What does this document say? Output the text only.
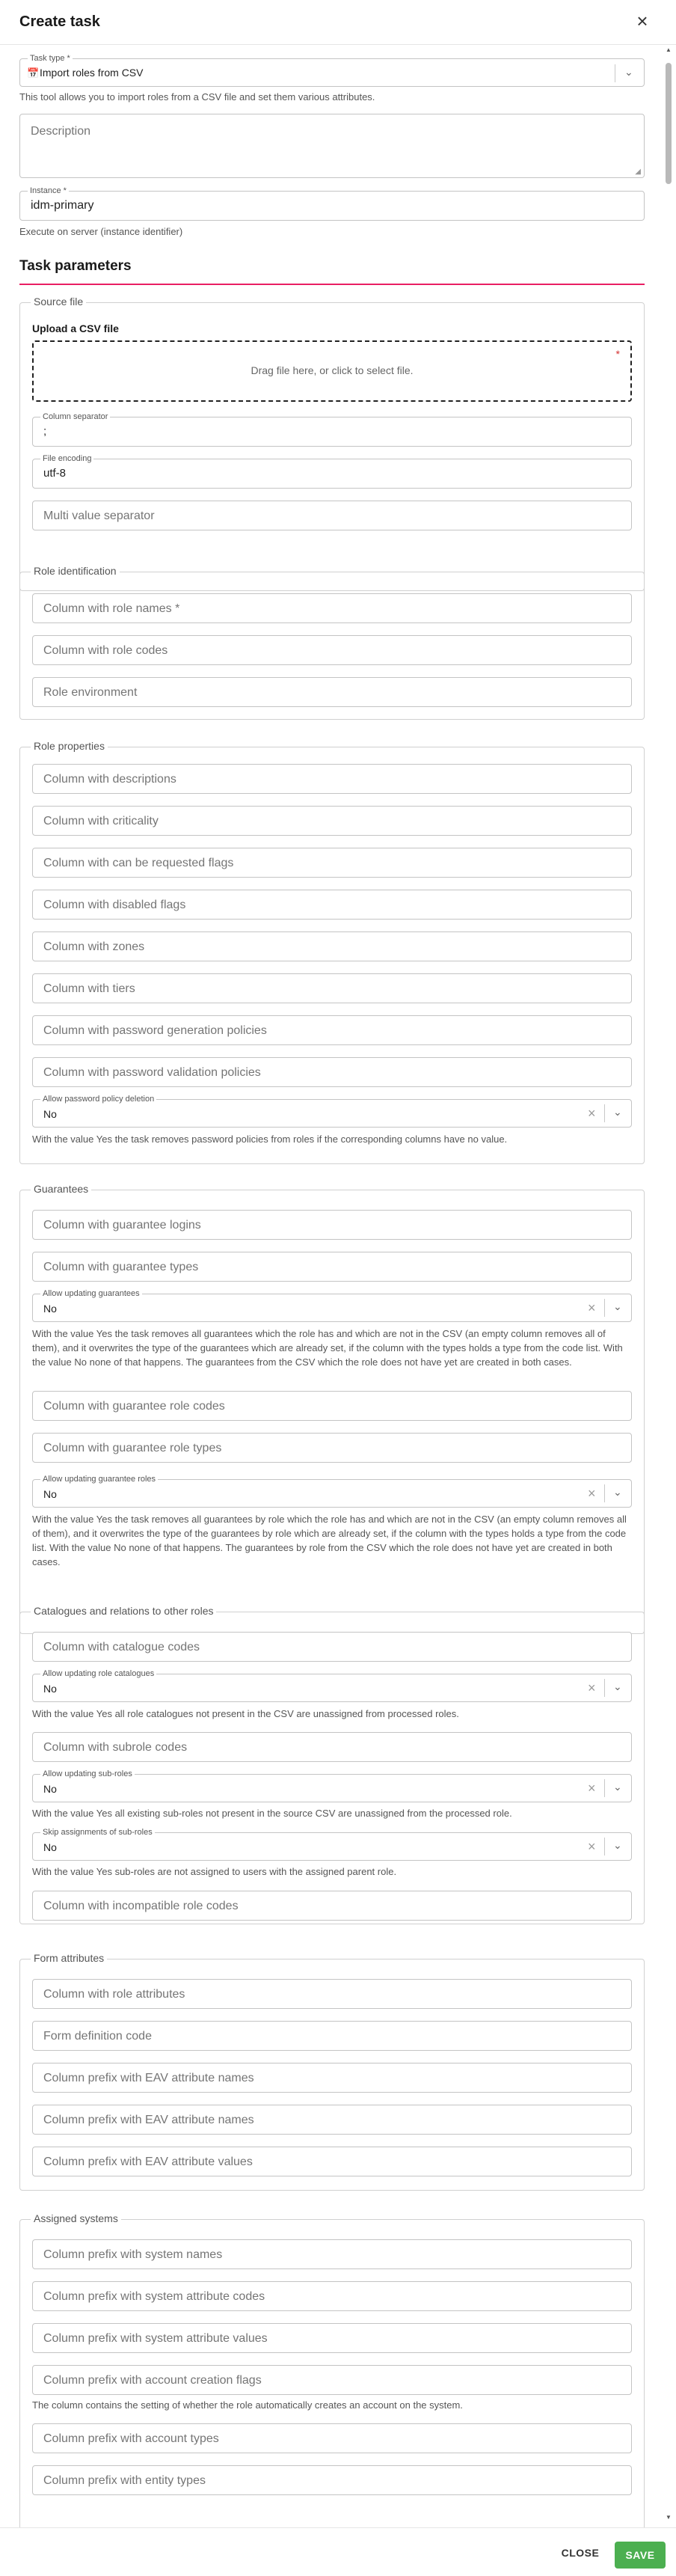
Create task	×
▲
▼
Task type *
📅 Import roles from CSV	⌄
This tool allows you to import roles from a CSV file and set them various attributes.
Description
◢
Instance *
idm-primary
Execute on server (instance identifier)
Task parameters
Source file
Upload a CSV file
*
Drag file here, or click to select file.
Column separator
;
File encoding
utf-8
Multi value separator
Role identification
Column with role names *
Column with role codes
Role environment
Role properties
Column with descriptions
Column with criticality
Column with can be requested flags
Column with disabled flags
Column with zones
Column with tiers
Column with password generation policies
Column with password validation policies
Allow password policy deletion
No	× ⌄
With the value Yes the task removes password policies from roles if the corresponding columns have no value.
Guarantees
Column with guarantee logins
Column with guarantee types
Allow updating guarantees
No	× ⌄
With the value Yes the task removes all guarantees which the role has and which are not in the CSV (an empty column removes all of them), and it overwrites the type of the guarantees which are already set, if the column with the types holds a type from the code list. With the value No none of that happens. The guarantees from the CSV which the role does not have yet are created in both cases.
Column with guarantee role codes
Column with guarantee role types
Allow updating guarantee roles
No	× ⌄
With the value Yes the task removes all guarantees by role which the role has and which are not in the CSV (an empty column removes all of them), and it overwrites the type of the guarantees by role which are already set, if the column with the types holds a type from the code list. With the value No none of that happens. The guarantees by role from the CSV which the role does not have yet are created in both cases.
Catalogues and relations to other roles
Column with catalogue codes
Allow updating role catalogues
No	× ⌄
With the value Yes all role catalogues not present in the CSV are unassigned from processed roles.
Column with subrole codes
Allow updating sub-roles
No	× ⌄
With the value Yes all existing sub-roles not present in the source CSV are unassigned from the processed role.
Skip assignments of sub-roles
No	× ⌄
With the value Yes sub-roles are not assigned to users with the assigned parent role.
Column with incompatible role codes
Form attributes
Column with role attributes
Form definition code
Column prefix with EAV attribute names
Column prefix with EAV attribute names
Column prefix with EAV attribute values
Assigned systems
Column prefix with system names
Column prefix with system attribute codes
Column prefix with system attribute values
Column prefix with account creation flags
The column contains the setting of whether the role automatically creates an account on the system.
Column prefix with account types
Column prefix with entity types
CLOSE	SAVE
